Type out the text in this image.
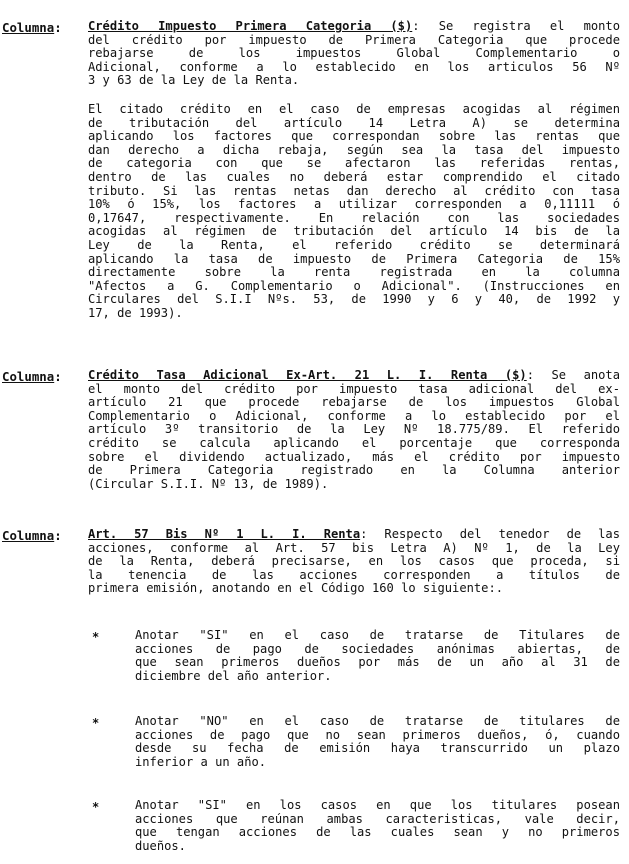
Columna: Crédito Impuesto Primera Categoria ($): Se registra el monto
del crédito por impuesto de Primera Categoria que procede
rebajarse de los impuestos Global Complementario o
Adicional, conforme a lo establecido en los articulos 56 Nº
3 y 63 de la Ley de la Renta.
El citado crédito en el caso de empresas acogidas al régimen
de tributación del artículo 14 Letra A) se determina
aplicando los factores que correspondan sobre las rentas que
dan derecho a dicha rebaja, según sea la tasa del impuesto
de categoria con que se afectaron las referidas rentas,
dentro de las cuales no deberá estar comprendido el citado
tributo. Si las rentas netas dan derecho al crédito con tasa
10% ó 15%, los factores a utilizar corresponden a 0,11111 ó
0,17647, respectivamente. En relación con las sociedades
acogidas al régimen de tributación del artículo 14 bis de la
Ley de la Renta, el referido crédito se determinará
aplicando la tasa de impuesto de Primera Categoria de 15%
directamente sobre la renta registrada en la columna
"Afectos a G. Complementario o Adicional". (Instrucciones en
Circulares del S.I.I Nºs. 53, de 1990 y 6 y 40, de 1992 y
17, de 1993).
Columna: Crédito Tasa Adicional Ex-Art. 21 L. I. Renta ($): Se anota
el monto del crédito por impuesto tasa adicional del ex-
artículo 21 que procede rebajarse de los impuestos Global
Complementario o Adicional, conforme a lo establecido por el
artículo 3º transitorio de la Ley Nº 18.775/89. El referido
crédito se calcula aplicando el porcentaje que corresponda
sobre el dividendo actualizado, más el crédito por impuesto
de Primera Categoria registrado en la Columna anterior
(Circular S.I.I. Nº 13, de 1989).
Columna: Art. 57 Bis Nº 1 L. I. Renta: Respecto del tenedor de las
acciones, conforme al Art. 57 bis Letra A) Nº 1, de la Ley
de la Renta, deberá precisarse, en los casos que proceda, si
la tenencia de las acciones corresponden a títulos de
primera emisión, anotando en el Código 160 lo siguiente:.
*	Anotar "SI" en el caso de tratarse de Titulares de
acciones de pago de sociedades anónimas abiertas, de
que sean primeros dueños por más de un año al 31 de
diciembre del año anterior.
*	Anotar "NO" en el caso de tratarse de titulares de
acciones de pago que no sean primeros dueños, ó, cuando
desde su fecha de emisión haya transcurrido un plazo
inferior a un año.
*	Anotar "SI" en los casos en que los titulares posean
acciones que reúnan ambas caracteristicas, vale decir,
que tengan acciones de las cuales sean y no primeros
dueños.
